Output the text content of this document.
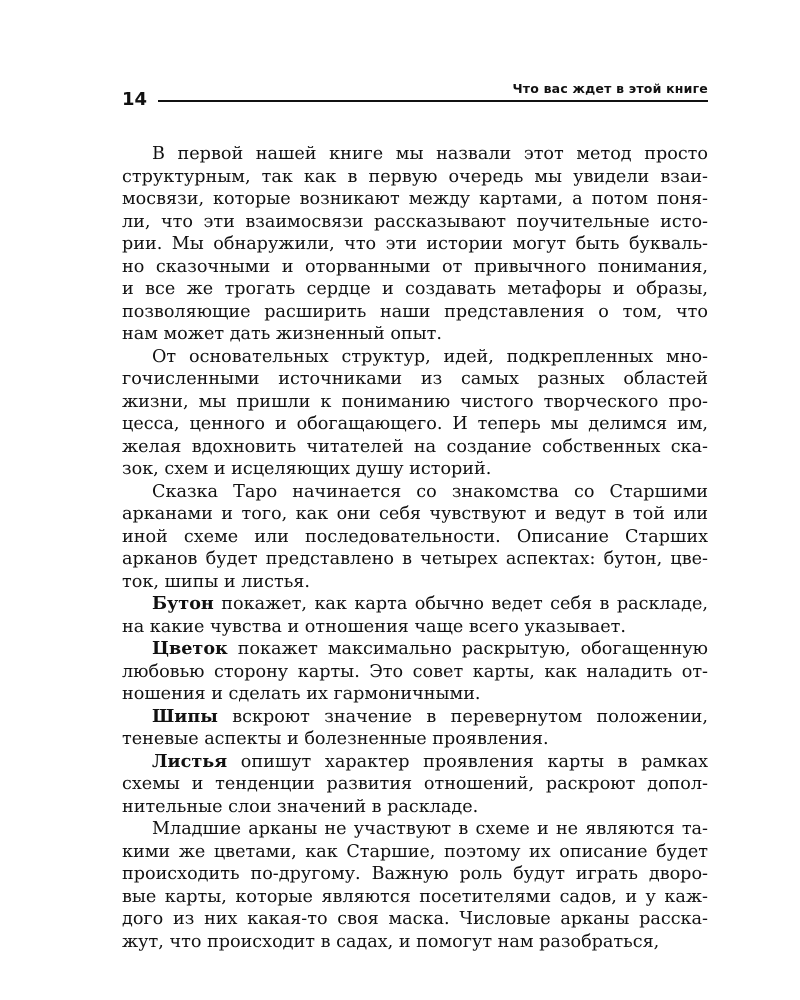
14
Что вас ждет в этой книге
В первой нашей книге мы назвали этот метод просто
структурным, так как в первую очередь мы увидели взаи-
мосвязи, которые возникают между картами, а потом поня-
ли, что эти взаимосвязи рассказывают поучительные исто-
рии. Мы обнаружили, что эти истории могут быть букваль-
но сказочными и оторванными от привычного понимания,
и все же трогать сердце и создавать метафоры и образы,
позволяющие расширить наши представления о том, что
нам может дать жизненный опыт.
От основательных структур, идей, подкрепленных мно-
гочисленными источниками из самых разных областей
жизни, мы пришли к пониманию чистого творческого про-
цесса, ценного и обогащающего. И теперь мы делимся им,
желая вдохновить читателей на создание собственных ска-
зок, схем и исцеляющих душу историй.
Сказка Таро начинается со знакомства со Старшими
арканами и того, как они себя чувствуют и ведут в той или
иной схеме или последовательности. Описание Старших
арканов будет представлено в четырех аспектах: бутон, цве-
ток, шипы и листья.
Бутон покажет, как карта обычно ведет себя в раскладе,
на какие чувства и отношения чаще всего указывает.
Цветок покажет максимально раскрытую, обогащенную
любовью сторону карты. Это совет карты, как наладить от-
ношения и сделать их гармоничными.
Шипы вскроют значение в перевернутом положении,
теневые аспекты и болезненные проявления.
Листья опишут характер проявления карты в рамках
схемы и тенденции развития отношений, раскроют допол-
нительные слои значений в раскладе.
Младшие арканы не участвуют в схеме и не являются та-
кими же цветами, как Старшие, поэтому их описание будет
происходить по-другому. Важную роль будут играть дворо-
вые карты, которые являются посетителями садов, и у каж-
дого из них какая-то своя маска. Числовые арканы расска-
жут, что происходит в садах, и помогут нам разобраться,
